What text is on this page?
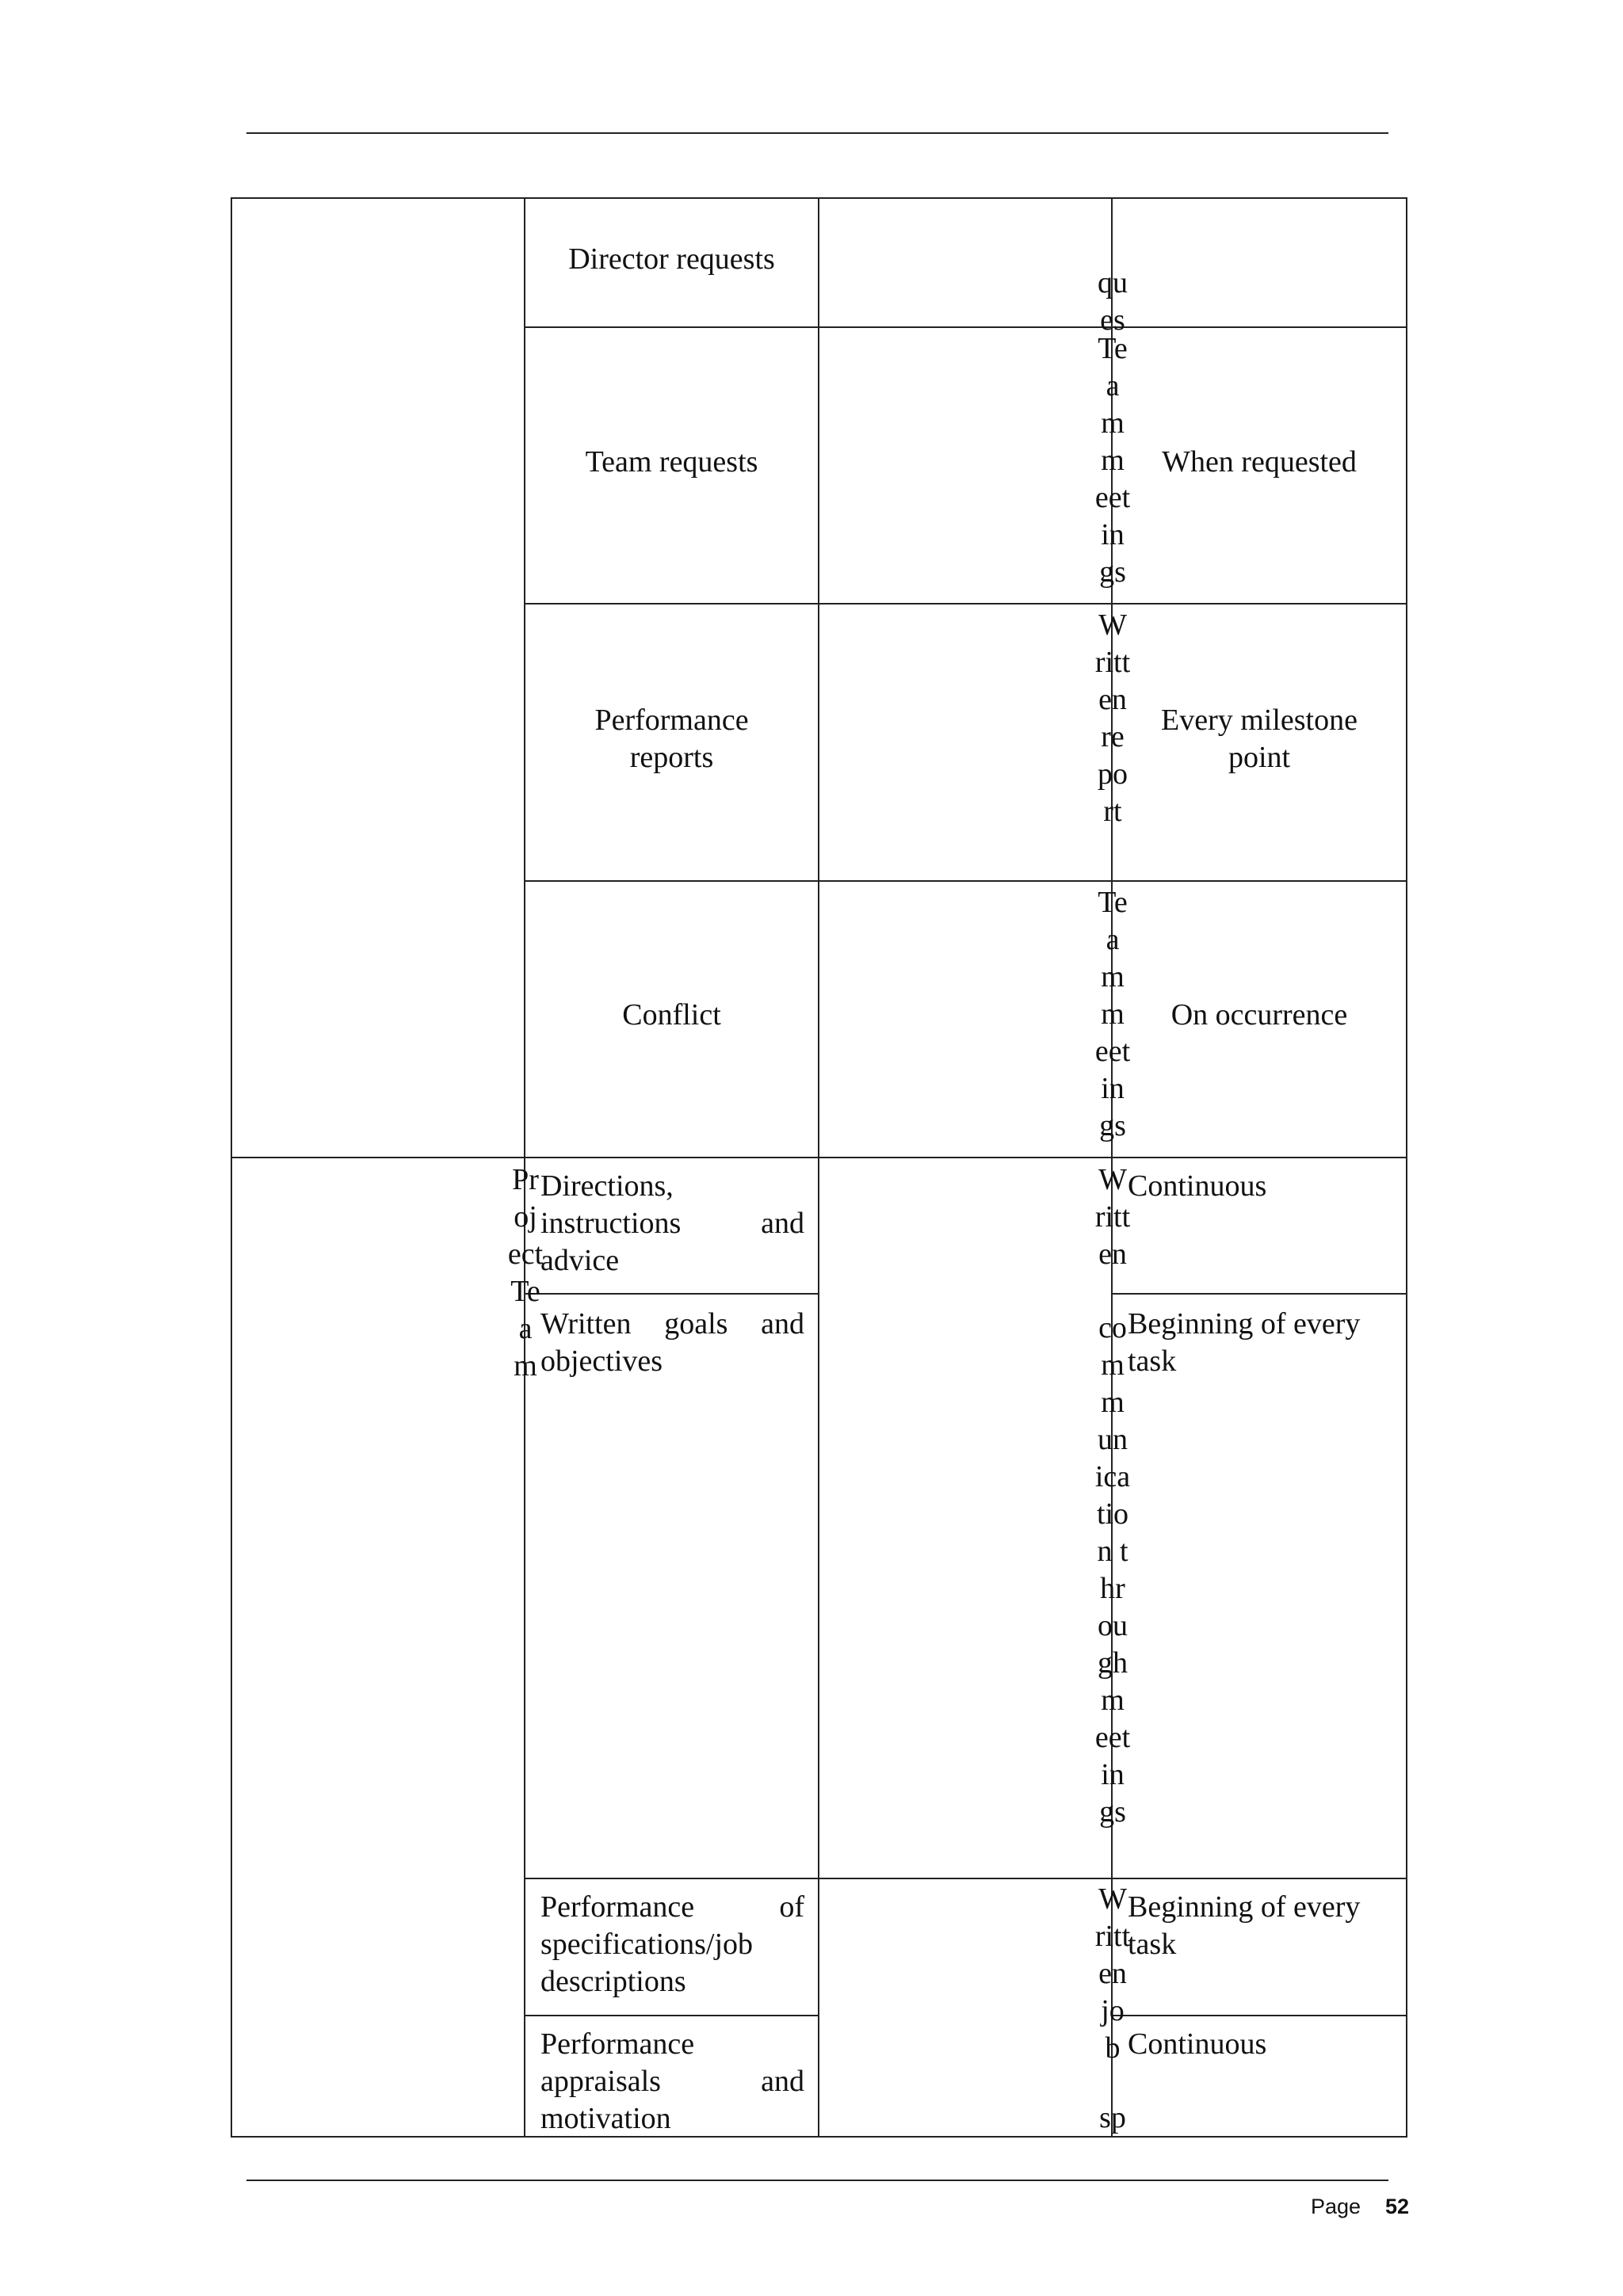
Director requests
Team requests
Performance reports
Conflict
Directions, instructions and advice
Written goals and objectives
Performance of specifications/job descriptions
Performance appraisals and motivation
ques
Team meetings
Written report
Team meetings
Written
communication through meetings
Written job
sp
Project Team
When requested
Every milestone point
On occurrence
Continuous
Beginning of every task
Beginning of every task
Continuous
Page 52
